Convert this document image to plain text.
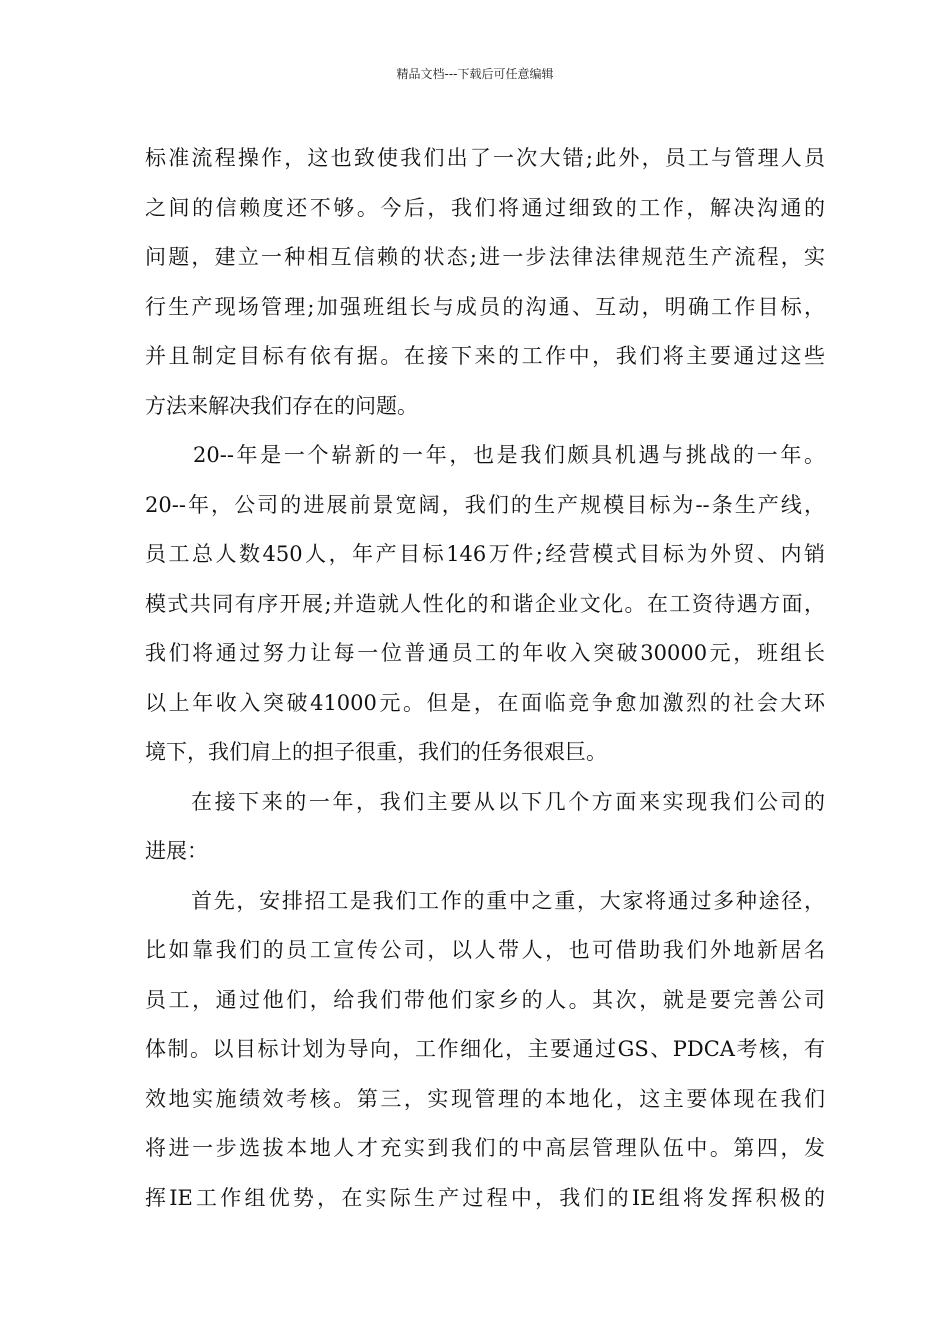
精品文档---下载后可任意编辑
标准流程操作，这也致使我们出了一次大错;此外，员工与管理人员
之间的信赖度还不够。今后，我们将通过细致的工作，解决沟通的
问题，建立一种相互信赖的状态;进一步法律法律规范生产流程，实
行生产现场管理;加强班组长与成员的沟通、互动，明确工作目标，
并且制定目标有依有据。在接下来的工作中，我们将主要通过这些
方法来解决我们存在的问题。
20--年是一个崭新的一年，也是我们颇具机遇与挑战的一年。
20--年，公司的进展前景宽阔，我们的生产规模目标为--条生产线，
员工总人数450人，年产目标146万件;经营模式目标为外贸、内销
模式共同有序开展;并造就人性化的和谐企业文化。在工资待遇方面，
我们将通过努力让每一位普通员工的年收入突破30000元，班组长
以上年收入突破41000元。但是，在面临竞争愈加激烈的社会大环
境下，我们肩上的担子很重，我们的任务很艰巨。
在接下来的一年，我们主要从以下几个方面来实现我们公司的
进展：
首先，安排招工是我们工作的重中之重，大家将通过多种途径，
比如靠我们的员工宣传公司，以人带人，也可借助我们外地新居名
员工，通过他们，给我们带他们家乡的人。其次，就是要完善公司
体制。以目标计划为导向，工作细化，主要通过GS、PDCA考核，有
效地实施绩效考核。第三，实现管理的本地化，这主要体现在我们
将进一步选拔本地人才充实到我们的中高层管理队伍中。第四，发
挥IE工作组优势，在实际生产过程中，我们的IE组将发挥积极的
